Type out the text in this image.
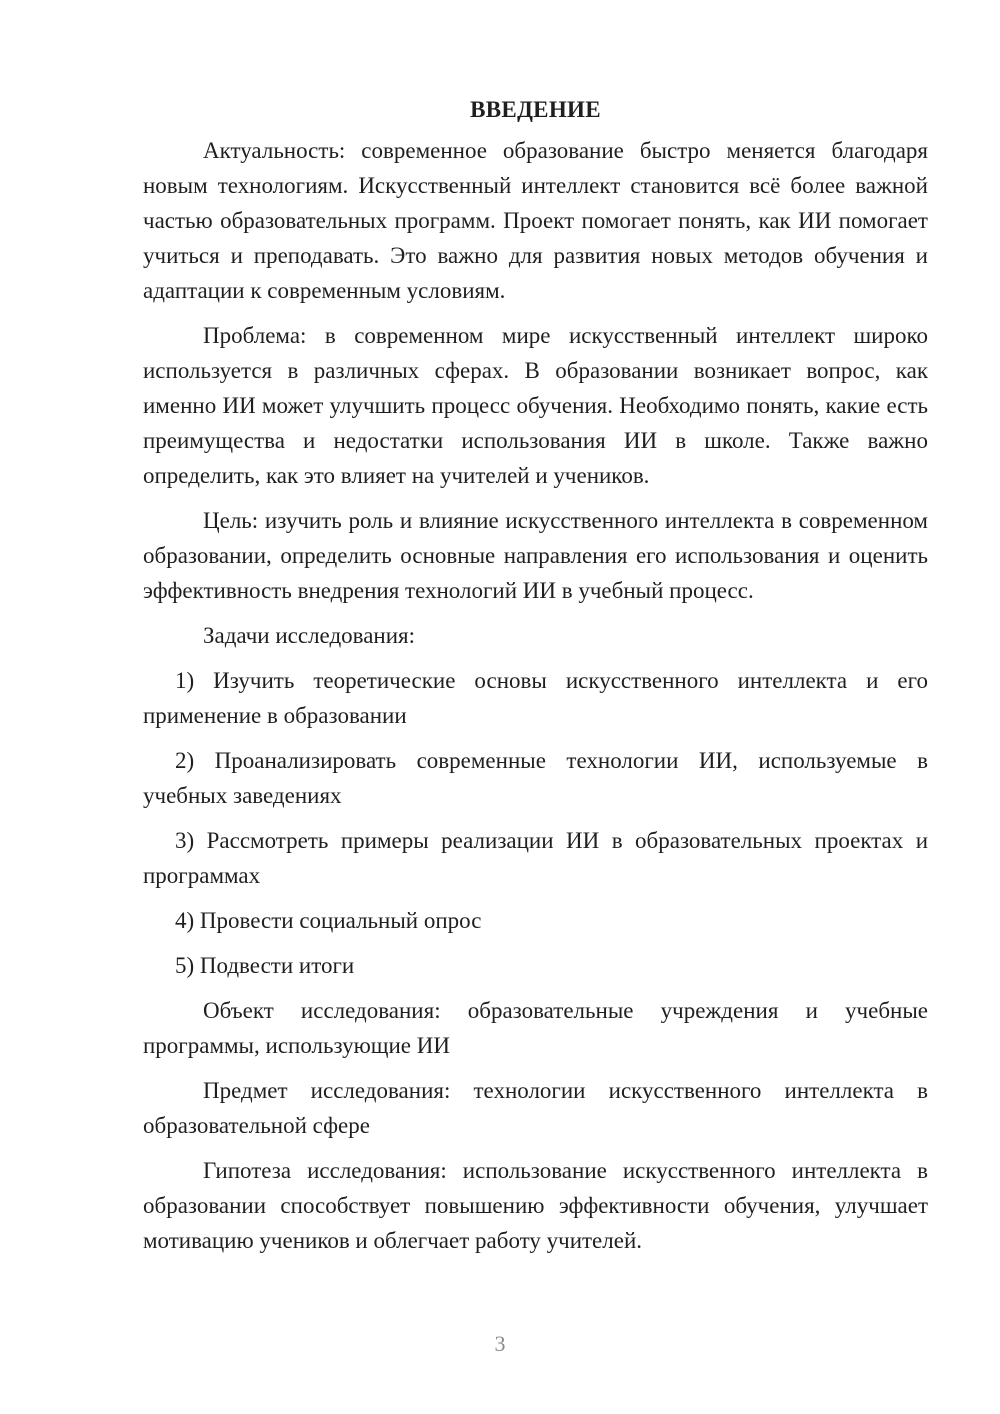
ВВЕДЕНИЕ

Актуальность: современное образование быстро меняется благодаря новым технологиям. Искусственный интеллект становится всё более важной частью образовательных программ. Проект помогает понять, как ИИ помогает учиться и преподавать. Это важно для развития новых методов обучения и адаптации к современным условиям.

Проблема: в современном мире искусственный интеллект широко используется в различных сферах. В образовании возникает вопрос, как именно ИИ может улучшить процесс обучения. Необходимо понять, какие есть преимущества и недостатки использования ИИ в школе. Также важно определить, как это влияет на учителей и учеников.

Цель: изучить роль и влияние искусственного интеллекта в современном образовании, определить основные направления его использования и оценить эффективность внедрения технологий ИИ в учебный процесс.

Задачи исследования:

1) Изучить теоретические основы искусственного интеллекта и его применение в образовании

2) Проанализировать современные технологии ИИ, используемые в учебных заведениях

3) Рассмотреть примеры реализации ИИ в образовательных проектах и программах

4) Провести социальный опрос

5) Подвести итоги

Объект исследования: образовательные учреждения и учебные программы, использующие ИИ

Предмет исследования: технологии искусственного интеллекта в образовательной сфере

Гипотеза исследования: использование искусственного интеллекта в образовании способствует повышению эффективности обучения, улучшает мотивацию учеников и облегчает работу учителей.

3
